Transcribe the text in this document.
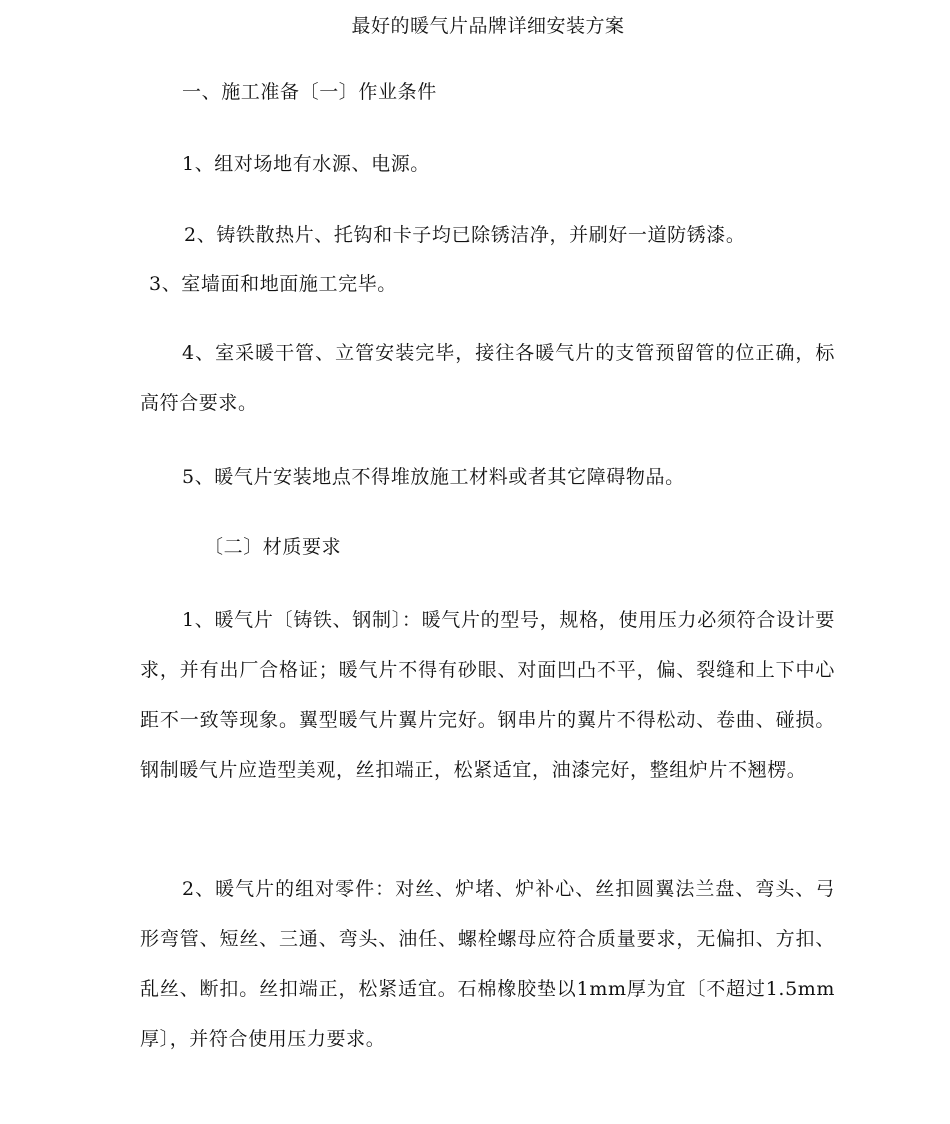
最好的暖气片品牌详细安装方案
一、施工准备〔一〕作业条件
1、组对场地有水源、电源。
2、铸铁散热片、托钩和卡子均已除锈洁净，并刷好一道防锈漆。
3、室墙面和地面施工完毕。
4、室采暖干管、立管安装完毕，接往各暖气片的支管预留管的位正确，标高符合要求。
5、暖气片安装地点不得堆放施工材料或者其它障碍物品。
〔二〕材质要求
1、暖气片〔铸铁、钢制〕：暖气片的型号，规格，使用压力必须符合设计要求，并有出厂合格证；暖气片不得有砂眼、对面凹凸不平，偏、裂缝和上下中心距不一致等现象。翼型暖气片翼片完好。钢串片的翼片不得松动、卷曲、碰损。钢制暖气片应造型美观，丝扣端正，松紧适宜，油漆完好，整组炉片不翘楞。
2、暖气片的组对零件：对丝、炉堵、炉补心、丝扣圆翼法兰盘、弯头、弓形弯管、短丝、三通、弯头、油任、螺栓螺母应符合质量要求，无偏扣、方扣、乱丝、断扣。丝扣端正，松紧适宜。石棉橡胶垫以1mm厚为宜〔不超过1.5mm厚〕，并符合使用压力要求。
